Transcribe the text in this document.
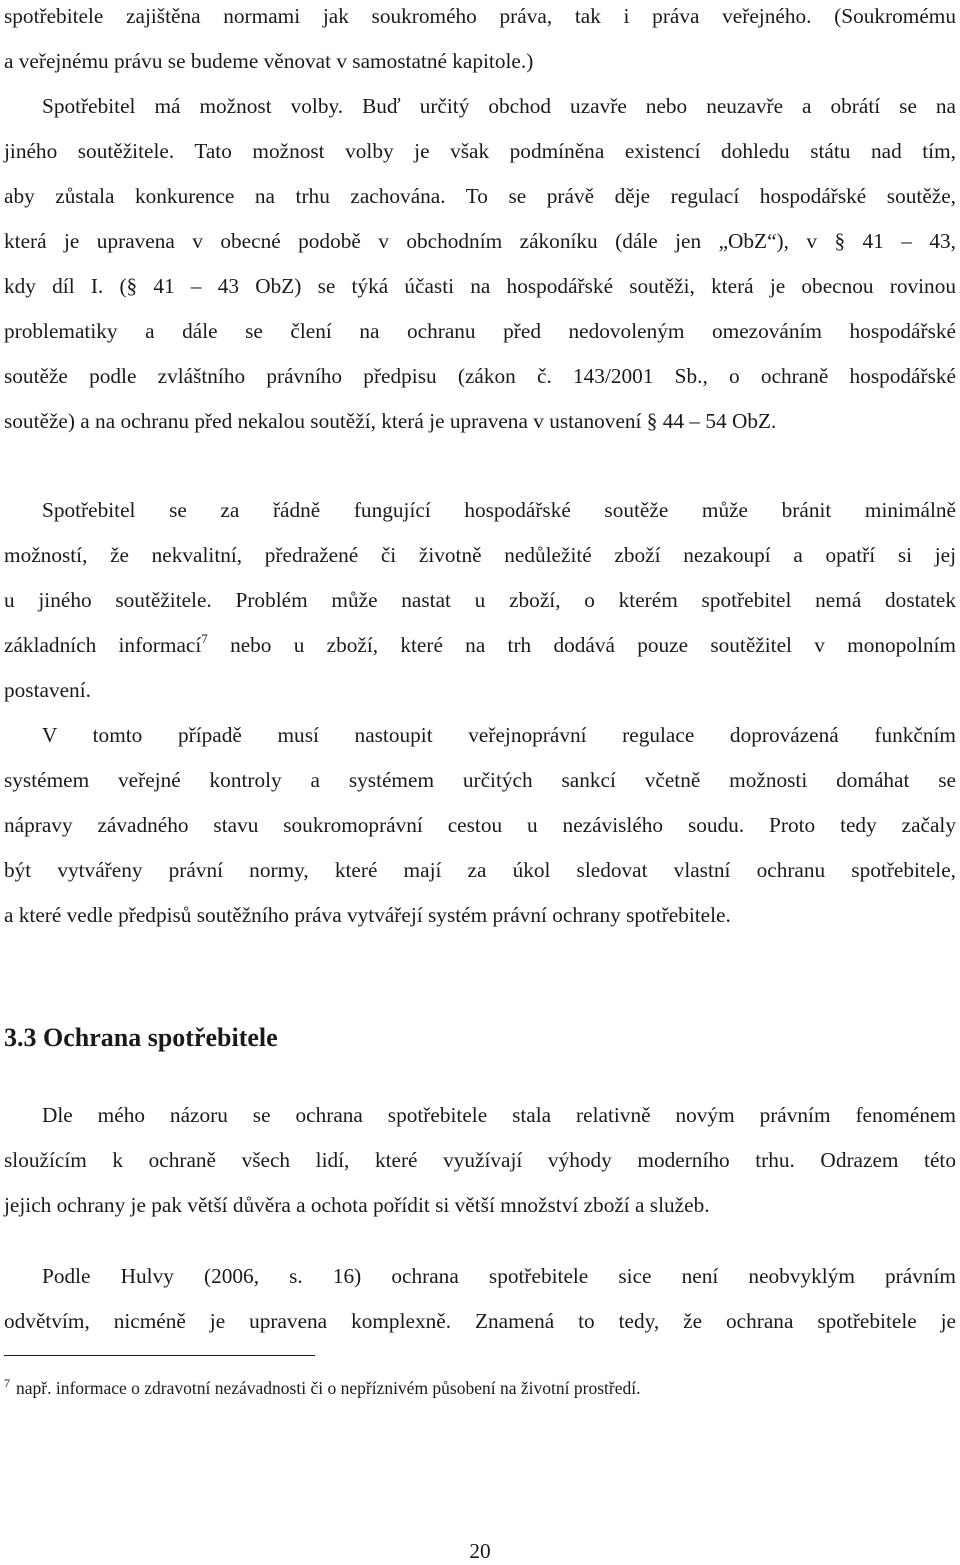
spotřebitele zajištěna normami jak soukromého práva, tak i práva veřejného. (Soukromému
a veřejnému právu se budeme věnovat v samostatné kapitole.)
Spotřebitel má možnost volby. Buď určitý obchod uzavře nebo neuzavře a obrátí se na
jiného soutěžitele. Tato možnost volby je však podmíněna existencí dohledu státu nad tím,
aby zůstala konkurence na trhu zachována. To se právě děje regulací hospodářské soutěže,
která je upravena v obecné podobě v obchodním zákoníku (dále jen „ObZ“), v § 41 – 43,
kdy díl I. (§ 41 – 43 ObZ) se týká účasti na hospodářské soutěži, která je obecnou rovinou
problematiky a dále se člení na ochranu před nedovoleným omezováním hospodářské
soutěže podle zvláštního právního předpisu (zákon č. 143/2001 Sb., o ochraně hospodářské
soutěže) a na ochranu před nekalou soutěží, která je upravena v ustanovení § 44 – 54 ObZ.
Spotřebitel se za řádně fungující hospodářské soutěže může bránit minimálně
možností, že nekvalitní, předražené či životně nedůležité zboží nezakoupí a opatří si jej
u jiného soutěžitele. Problém může nastat u zboží, o kterém spotřebitel nemá dostatek
základních informací$^7$ nebo u zboží, které na trh dodává pouze soutěžitel v monopolním
postavení.
V tomto případě musí nastoupit veřejnoprávní regulace doprovázená funkčním
systémem veřejné kontroly a systémem určitých sankcí včetně možnosti domáhat se
nápravy závadného stavu soukromoprávní cestou u nezávislého soudu. Proto tedy začaly
být vytvářeny právní normy, které mají za úkol sledovat vlastní ochranu spotřebitele,
a které vedle předpisů soutěžního práva vytvářejí systém právní ochrany spotřebitele.
3.3 Ochrana spotřebitele
Dle mého názoru se ochrana spotřebitele stala relativně novým právním fenoménem
sloužícím k ochraně všech lidí, které využívají výhody moderního trhu. Odrazem této
jejich ochrany je pak větší důvěra a ochota pořídit si větší množství zboží a služeb.
Podle Hulvy (2006, s. 16) ochrana spotřebitele sice není neobvyklým právním
odvětvím, nicméně je upravena komplexně. Znamená to tedy, že ochrana spotřebitele je
$^7$ např. informace o zdravotní nezávadnosti či o nepříznivém působení na životní prostředí.
20
